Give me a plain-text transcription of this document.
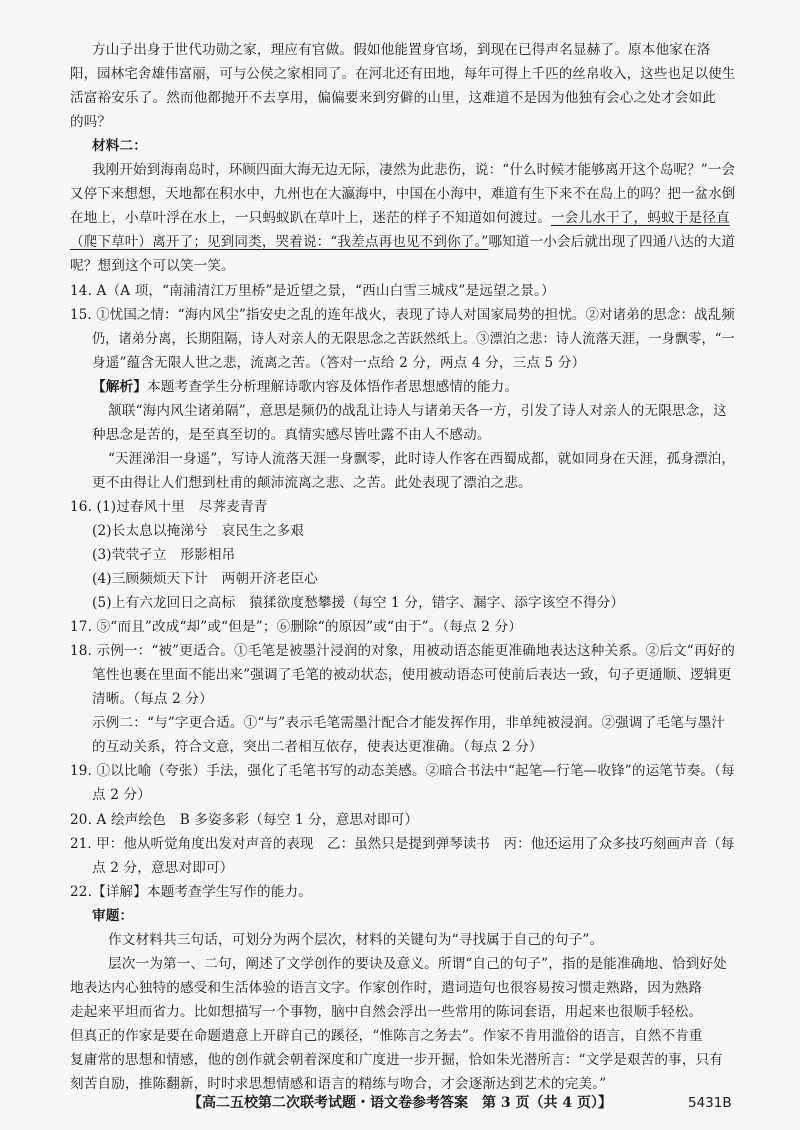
方山子出身于世代功勋之家，理应有官做。假如他能置身官场，到现在已得声名显赫了。原本他家在洛
阳，园林宅舍雄伟富丽，可与公侯之家相同了。在河北还有田地，每年可得上千匹的丝帛收入，这些也足以使生
活富裕安乐了。然而他都抛开不去享用，偏偏要来到穷僻的山里，这难道不是因为他独有会心之处才会如此
的吗？
材料二：
我刚开始到海南岛时，环顾四面大海无边无际，凄然为此悲伤，说：“什么时候才能够离开这个岛呢？”一会
又停下来想想，天地都在积水中，九州也在大瀛海中，中国在小海中，难道有生下来不在岛上的吗？把一盆水倒
在地上，小草叶浮在水上，一只蚂蚁趴在草叶上，迷茫的样子不知道如何渡过。一会儿水干了，蚂蚁于是径直
（爬下草叶）离开了；见到同类，哭着说：“我差点再也见不到你了。”哪知道一小会后就出现了四通八达的大道
呢？想到这个可以笑一笑。
14. A（A 项，“南浦清江万里桥”是近望之景，“西山白雪三城戍”是远望之景。）
15. ①忧国之情：“海内风尘”指安史之乱的连年战火，表现了诗人对国家局势的担忧。②对诸弟的思念：战乱频
仍，诸弟分离，长期阻隔，诗人对亲人的无限思念之苦跃然纸上。③漂泊之悲：诗人流落天涯，一身飘零，“一
身遥”蕴含无限人世之悲，流离之苦。（答对一点给 2 分，两点 4 分，三点 5 分）
【解析】本题考查学生分析理解诗歌内容及体悟作者思想感情的能力。
颔联“海内风尘诸弟隔”，意思是频仍的战乱让诗人与诸弟天各一方，引发了诗人对亲人的无限思念，这
种思念是苦的，是至真至切的。真情实感尽皆吐露不由人不感动。
“天涯涕泪一身遥”，写诗人流落天涯一身飘零，此时诗人作客在西蜀成都，就如同身在天涯，孤身漂泊，
更不由得让人们想到杜甫的颠沛流离之悲、之苦。此处表现了漂泊之悲。
16. (1)过春风十里　尽荠麦青青
(2)长太息以掩涕兮　哀民生之多艰
(3)茕茕孑立　形影相吊
(4)三顾频烦天下计　两朝开济老臣心
(5)上有六龙回日之高标　猿猱欲度愁攀援（每空 1 分，错字、漏字、添字该空不得分）
17. ⑤“而且”改成“却”或“但是”；⑥删除“的原因”或“由于”。（每点 2 分）
18. 示例一：“被”更适合。①毛笔是被墨汁浸润的对象，用被动语态能更准确地表达这种关系。②后文“再好的
笔性也裹在里面不能出来”强调了毛笔的被动状态，使用被动语态可使前后表达一致，句子更通顺、逻辑更
清晰。（每点 2 分）
示例二：“与”字更合适。①“与”表示毛笔需墨汁配合才能发挥作用，非单纯被浸润。②强调了毛笔与墨汁
的互动关系，符合文意，突出二者相互依存，使表达更准确。（每点 2 分）
19. ①以比喻（夸张）手法，强化了毛笔书写的动态美感。②暗合书法中“起笔—行笔—收锋”的运笔节奏。（每
点 2 分）
20. A 绘声绘色　B 多姿多彩（每空 1 分，意思对即可）
21. 甲：他从听觉角度出发对声音的表现　乙：虽然只是提到弹琴读书　丙：他还运用了众多技巧刻画声音（每
点 2 分，意思对即可）
22.【详解】本题考查学生写作的能力。
审题：
【高二五校第二次联考试题・语文卷参考答案　第 3 页（共 4 页）】	5431B
作文材料共三句话，可划分为两个层次，材料的关键句为“寻找属于自己的句子”。
层次一为第一、二句，阐述了文学创作的要诀及意义。所谓“自己的句子”，指的是能准确地、恰到好处
地表达内心独特的感受和生活体验的语言文字。作家创作时，遣词造句也很容易按习惯走熟路，因为熟路
走起来平坦而省力。比如想描写一个事物，脑中自然会浮出一些常用的陈词套语，用起来也很顺手轻松。
但真正的作家是要在命题遣意上开辟自己的蹊径，“惟陈言之务去”。作家不肯用滥俗的语言，自然不肯重
复庸常的思想和情感，他的创作就会朝着深度和广度进一步开掘，恰如朱光潜所言：“文学是艰苦的事，只有
刻苦自励，推陈翻新，时时求思想情感和语言的精练与吻合，才会逐渐达到艺术的完美。”
